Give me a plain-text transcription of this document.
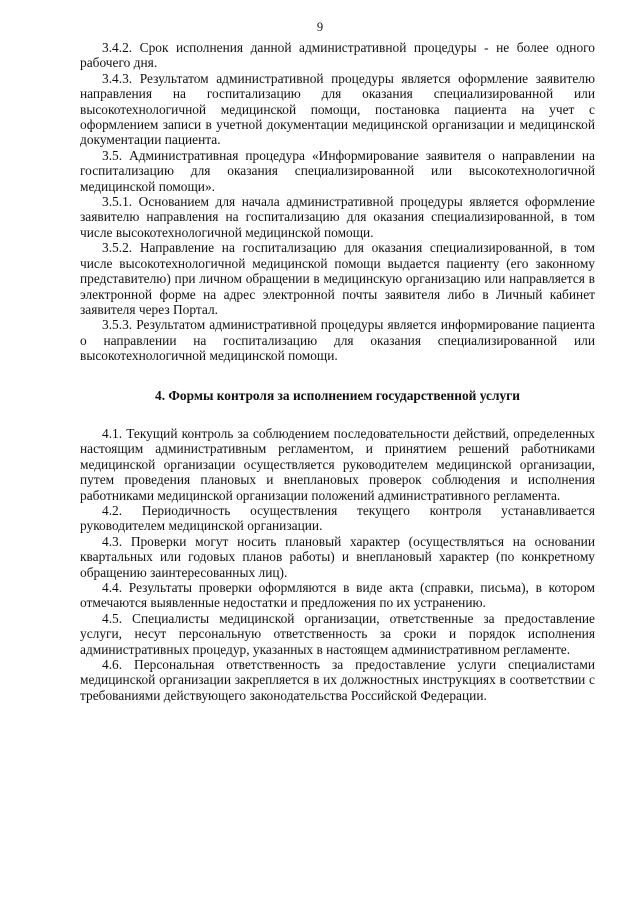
9

3.4.2. Срок исполнения данной административной процедуры - не более одного рабочего дня.

3.4.3. Результатом административной процедуры является оформление заявителю направления на госпитализацию для оказания специализированной или высокотехнологичной медицинской помощи, постановка пациента на учет с оформлением записи в учетной документации медицинской организации и медицинской документации пациента.

3.5. Административная процедура «Информирование заявителя о направлении на госпитализацию для оказания специализированной или высокотехнологичной медицинской помощи».

3.5.1. Основанием для начала административной процедуры является оформление заявителю направления на госпитализацию для оказания специализированной, в том числе высокотехнологичной медицинской помощи.

3.5.2. Направление на госпитализацию для оказания специализированной, в том числе высокотехнологичной медицинской помощи выдается пациенту (его законному представителю) при личном обращении в медицинскую организацию или направляется в электронной форме на адрес электронной почты заявителя либо в Личный кабинет заявителя через Портал.

3.5.3. Результатом административной процедуры является информирование пациента о направлении на госпитализацию для оказания специализированной или высокотехнологичной медицинской помощи.

4. Формы контроля за исполнением государственной услуги

4.1. Текущий контроль за соблюдением последовательности действий, определенных настоящим административным регламентом, и принятием решений работниками медицинской организации осуществляется руководителем медицинской организации, путем проведения плановых и внеплановых проверок соблюдения и исполнения работниками медицинской организации положений административного регламента.

4.2. Периодичность осуществления текущего контроля устанавливается руководителем медицинской организации.

4.3. Проверки могут носить плановый характер (осуществляться на основании квартальных или годовых планов работы) и внеплановый характер (по конкретному обращению заинтересованных лиц).

4.4. Результаты проверки оформляются в виде акта (справки, письма), в котором отмечаются выявленные недостатки и предложения по их устранению.

4.5. Специалисты медицинской организации, ответственные за предоставление услуги, несут персональную ответственность за сроки и порядок исполнения административных процедур, указанных в настоящем административном регламенте.

4.6. Персональная ответственность за предоставление услуги специалистами медицинской организации закрепляется в их должностных инструкциях в соответствии с требованиями действующего законодательства Российской Федерации.
